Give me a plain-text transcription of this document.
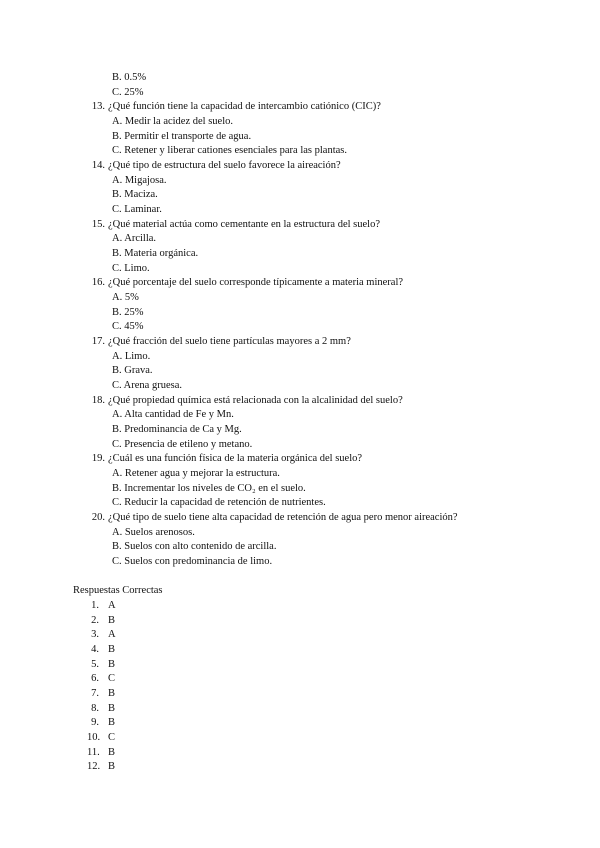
B. 0.5%
C. 25%
13. ¿Qué función tiene la capacidad de intercambio catiónico (CIC)?
A. Medir la acidez del suelo.
B. Permitir el transporte de agua.
C. Retener y liberar cationes esenciales para las plantas.
14. ¿Qué tipo de estructura del suelo favorece la aireación?
A. Migajosa.
B. Maciza.
C. Laminar.
15. ¿Qué material actúa como cementante en la estructura del suelo?
A. Arcilla.
B. Materia orgánica.
C. Limo.
16. ¿Qué porcentaje del suelo corresponde típicamente a materia mineral?
A. 5%
B. 25%
C. 45%
17. ¿Qué fracción del suelo tiene partículas mayores a 2 mm?
A. Limo.
B. Grava.
C. Arena gruesa.
18. ¿Qué propiedad química está relacionada con la alcalinidad del suelo?
A. Alta cantidad de Fe y Mn.
B. Predominancia de Ca y Mg.
C. Presencia de etileno y metano.
19. ¿Cuál es una función física de la materia orgánica del suelo?
A. Retener agua y mejorar la estructura.
B. Incrementar los niveles de CO₂ en el suelo.
C. Reducir la capacidad de retención de nutrientes.
20. ¿Qué tipo de suelo tiene alta capacidad de retención de agua pero menor aireación?
A. Suelos arenosos.
B. Suelos con alto contenido de arcilla.
C. Suelos con predominancia de limo.
Respuestas Correctas
1. A
2. B
3. A
4. B
5. B
6. C
7. B
8. B
9. B
10. C
11. B
12. B
